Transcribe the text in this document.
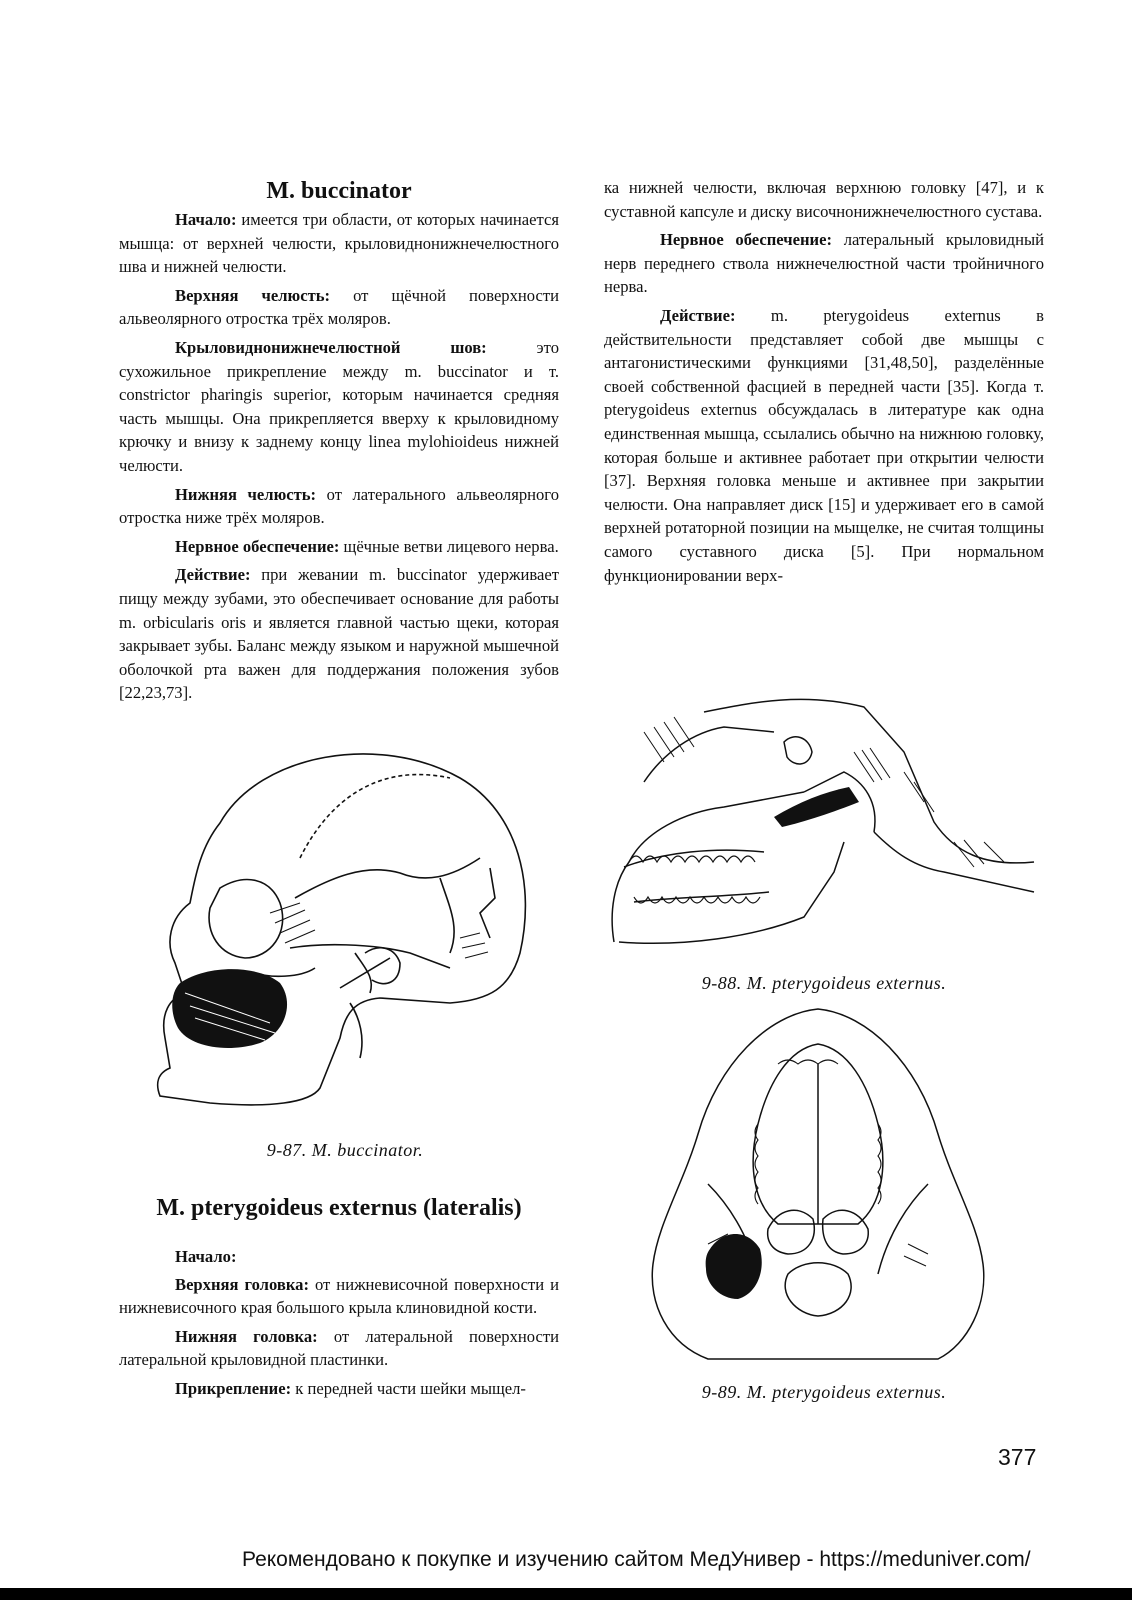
M. buccinator

Начало: имеется три области, от которых начинается мышца: от верхней челюсти, крыловиднонижнечелюстного шва и нижней челюсти.

Верхняя челюсть: от щёчной поверхности альвеолярного отростка трёх моляров.

Крыловиднонижнечелюстной шов: это сухожильное прикрепление между m. buccinator и т. constrictor pharingis superior, которым начинается средняя часть мышцы. Она прикрепляется вверху к крыловидному крючку и внизу к заднему концу linea mylohioideus нижней челюсти.

Нижняя челюсть: от латерального альвеолярного отростка ниже трёх моляров.

Нервное обеспечение: щёчные ветви лицевого нерва.

Действие: при жевании m. buccinator удерживает пищу между зубами, это обеспечивает основание для работы m. orbicularis oris и является главной частью щеки, которая закрывает зубы. Баланс между языком и наружной мышечной оболочкой рта важен для поддержания положения зубов [22,23,73].

ка нижней челюсти, включая верхнюю головку [47], и к суставной капсуле и диску височнонижнечелюстного сустава.

Нервное обеспечение: латеральный крыловидный нерв переднего ствола нижнечелюстной части тройничного нерва.

Действие: m. pterygoideus externus в действительности представляет собой две мышцы с антагонистическими функциями [31,48,50], разделённые своей собственной фасцией в передней части [35]. Когда т. pterygoideus externus обсуждалась в литературе как одна единственная мышца, ссылались обычно на нижнюю головку, которая больше и активнее работает при открытии челюсти [37]. Верхняя головка меньше и активнее при закрытии челюсти. Она направляет диск [15] и удерживает его в самой верхней ротаторной позиции на мыщелке, не считая толщины самого суставного диска [5]. При нормальном функционировании верх-

9-87. M. buccinator.
9-88. M. pterygoideus externus.
9-89. M. pterygoideus externus.
M. pterygoideus externus (lateralis)

Начало:

Верхняя головка: от нижневисочной поверхности и нижневисочного края большого крыла клиновидной кости.

Нижняя головка: от латеральной поверхности латеральной крыловидной пластинки.

Прикрепление: к передней части шейки мыщел-

377
Рекомендовано к покупке и изучению сайтом МедУнивер - https://meduniver.com/
